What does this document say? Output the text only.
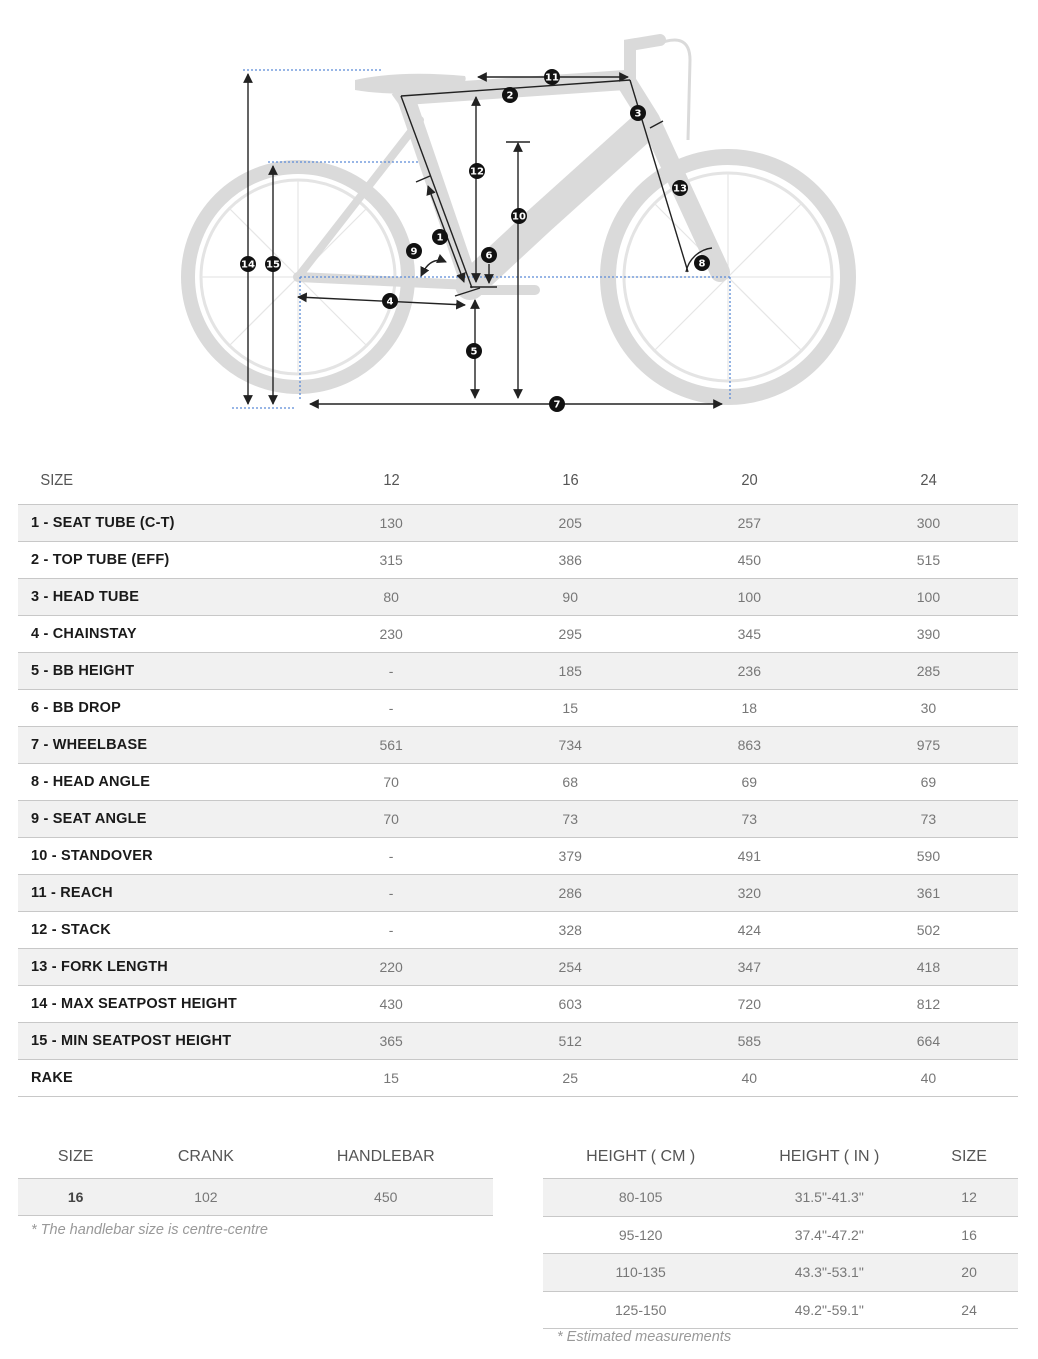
1
2
3
4
5
6
7
8
9
10
11
12
13
14 15
SIZE	12	16	20	24
1 - SEAT TUBE (C-T)	130	205	257	300
2 - TOP TUBE (EFF)	315	386	450	515
3 - HEAD TUBE	80	90	100	100
4 - CHAINSTAY	230	295	345	390
5 - BB HEIGHT	-	185	236	285
6 - BB DROP	-	15	18	30
7 - WHEELBASE	561	734	863	975
8 - HEAD ANGLE	70	68	69	69
9 - SEAT ANGLE	70	73	73	73
10 - STANDOVER	-	379	491	590
11 - REACH	-	286	320	361
12 - STACK	-	328	424	502
13 - FORK LENGTH	220	254	347	418
14 - MAX SEATPOST HEIGHT	430	603	720	812
15 - MIN SEATPOST HEIGHT	365	512	585	664
RAKE	15	25	40	40
SIZE	CRANK	HANDLEBAR
16	102	450
* The handlebar size is centre-centre
HEIGHT ( CM )	HEIGHT ( IN )	SIZE
80-105	31.5"-41.3"	12
95-120	37.4"-47.2"	16
110-135	43.3"-53.1"	20
125-150	49.2"-59.1"	24
* Estimated measurements
